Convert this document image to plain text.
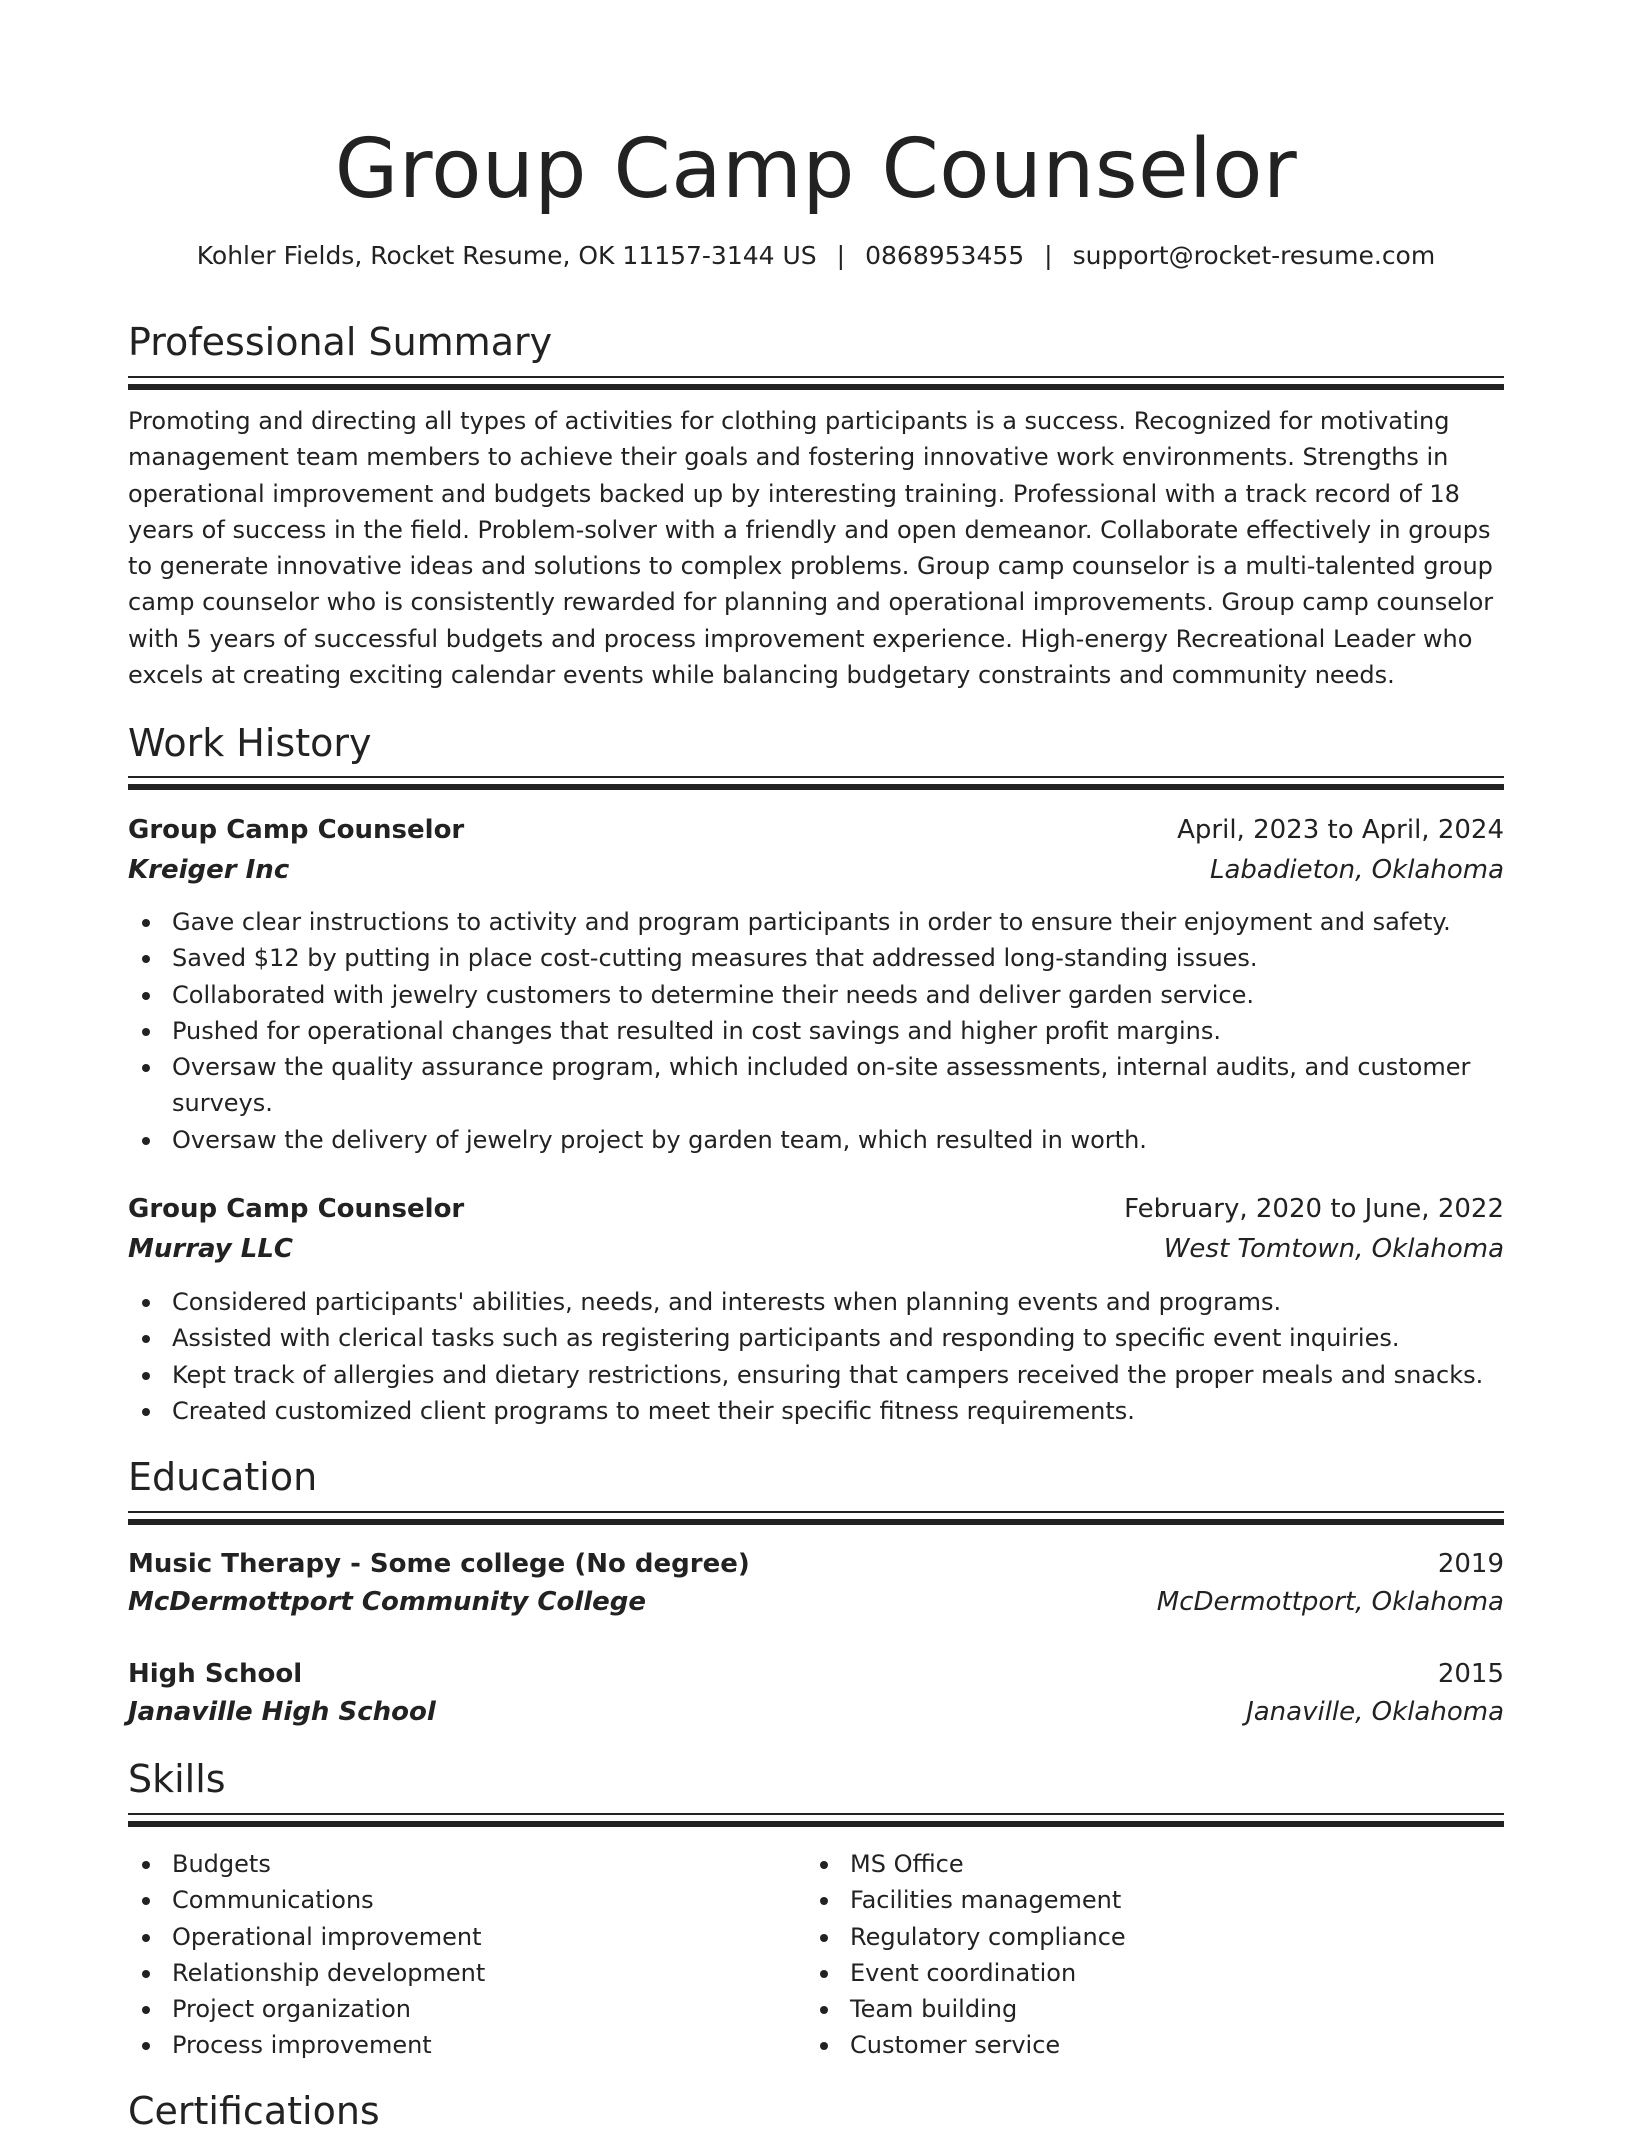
Group Camp Counselor
Kohler Fields, Rocket Resume, OK 11157-3144 US | 0868953455 | support@rocket-resume.com
Professional Summary

Promoting and directing all types of activities for clothing participants is a success. Recognized for motivating management team members to achieve their goals and fostering innovative work environments. Strengths in operational improvement and budgets backed up by interesting training. Professional with a track record of 18 years of success in the field. Problem-solver with a friendly and open demeanor. Collaborate effectively in groups to generate innovative ideas and solutions to complex problems. Group camp counselor is a multi-talented group camp counselor who is consistently rewarded for planning and operational improvements. Group camp counselor with 5 years of successful budgets and process improvement experience. High-energy Recreational Leader who excels at creating exciting calendar events while balancing budgetary constraints and community needs.

Work History
Group Camp Counselor	April, 2023 to April, 2024
Kreiger Inc	Labadieton, Oklahoma
Gave clear instructions to activity and program participants in order to ensure their enjoyment and safety.
Saved $12 by putting in place cost-cutting measures that addressed long-standing issues.
Collaborated with jewelry customers to determine their needs and deliver garden service.
Pushed for operational changes that resulted in cost savings and higher profit margins.
Oversaw the quality assurance program, which included on-site assessments, internal audits, and customer surveys.
Oversaw the delivery of jewelry project by garden team, which resulted in worth.
Group Camp Counselor	February, 2020 to June, 2022
Murray LLC	West Tomtown, Oklahoma
Considered participants' abilities, needs, and interests when planning events and programs.
Assisted with clerical tasks such as registering participants and responding to specific event inquiries.
Kept track of allergies and dietary restrictions, ensuring that campers received the proper meals and snacks.
Created customized client programs to meet their specific fitness requirements.
Education
Music Therapy - Some college (No degree)	2019
McDermottport Community College	McDermottport, Oklahoma
High School	2015
Janaville High School	Janaville, Oklahoma
Skills
Budgets
Communications
Operational improvement
Relationship development
Project organization
Process improvement
MS Office
Facilities management
Regulatory compliance
Event coordination
Team building
Customer service
Certifications
